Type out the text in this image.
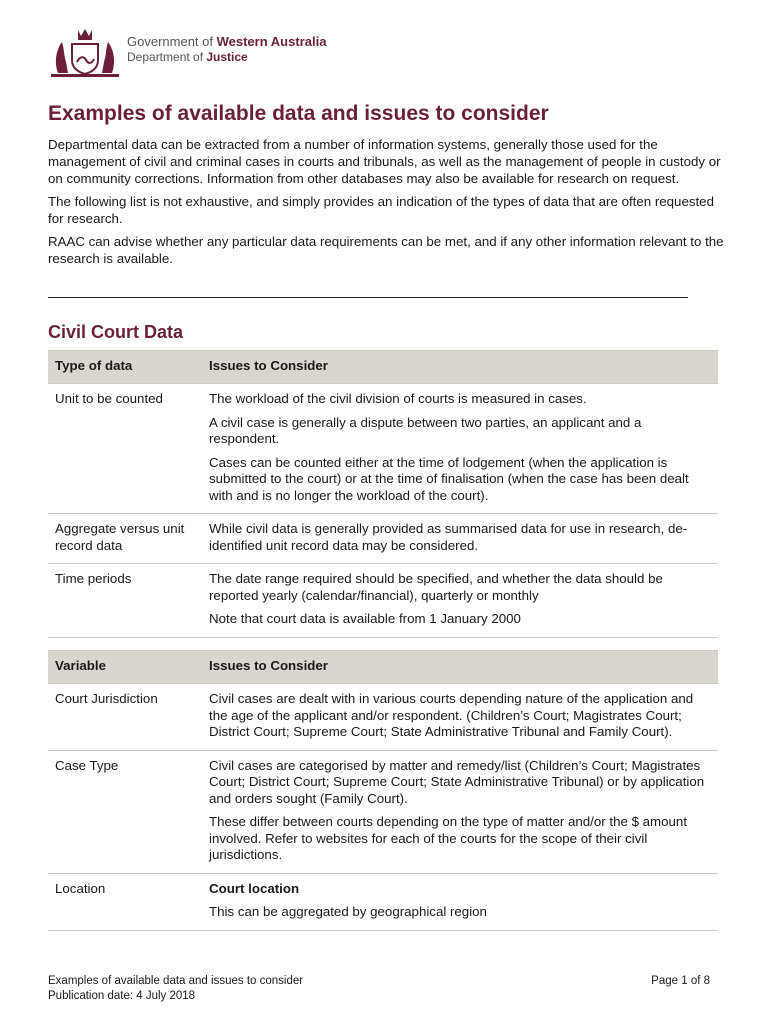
Government of Western Australia
Department of Justice
Examples of available data and issues to consider

Departmental data can be extracted from a number of information systems, generally those used for the management of civil and criminal cases in courts and tribunals, as well as the management of people in custody or on community corrections. Information from other databases may also be available for research on request.

The following list is not exhaustive, and simply provides an indication of the types of data that are often requested for research.

RAAC can advise whether any particular data requirements can be met, and if any other information relevant to the research is available.

Civil Court Data
Type of data	Issues to Consider
Unit to be counted	The workload of the civil division of courts is measured in cases.

A civil case is generally a dispute between two parties, an applicant and a respondent.

Cases can be counted either at the time of lodgement (when the application is submitted to the court) or at the time of finalisation (when the case has been dealt with and is no longer the workload of the court).

Aggregate versus unit record data	While civil data is generally provided as summarised data for use in research, de-identified unit record data may be considered.

Time periods	The date range required should be specified, and whether the data should be reported yearly (calendar/financial), quarterly or monthly

Note that court data is available from 1 January 2000

Variable	Issues to Consider
Court Jurisdiction	Civil cases are dealt with in various courts depending nature of the application and the age of the applicant and/or respondent. (Children’s Court; Magistrates Court; District Court; Supreme Court; State Administrative Tribunal and Family Court).

Case Type	Civil cases are categorised by matter and remedy/list (Children’s Court; Magistrates Court; District Court; Supreme Court; State Administrative Tribunal) or by application and orders sought (Family Court).

These differ between courts depending on the type of matter and/or the $ amount involved. Refer to websites for each of the courts for the scope of their civil jurisdictions.

Location	Court location

This can be aggregated by geographical region

Examples of available data and issues to consider
Publication date: 4 July 2018
Page 1 of 8
